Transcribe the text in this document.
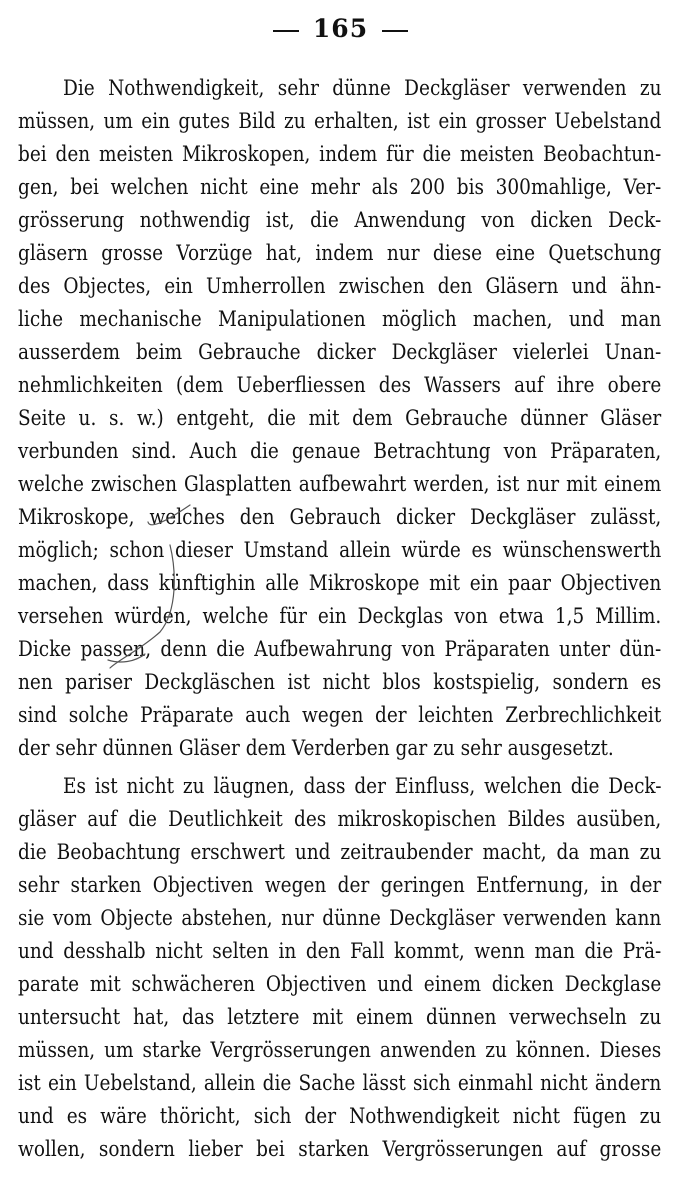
165
Die Nothwendigkeit, sehr dünne Deckgläser verwenden zu
müssen, um ein gutes Bild zu erhalten, ist ein grosser Uebelstand
bei den meisten Mikroskopen, indem für die meisten Beobachtun-
gen, bei welchen nicht eine mehr als 200 bis 300mahlige, Ver-
grösserung nothwendig ist, die Anwendung von dicken Deck-
gläsern grosse Vorzüge hat, indem nur diese eine Quetschung
des Objectes, ein Umherrollen zwischen den Gläsern und ähn-
liche mechanische Manipulationen möglich machen, und man
ausserdem beim Gebrauche dicker Deckgläser vielerlei Unan-
nehmlichkeiten (dem Ueberfliessen des Wassers auf ihre obere
Seite u. s. w.) entgeht, die mit dem Gebrauche dünner Gläser
verbunden sind. Auch die genaue Betrachtung von Präparaten,
welche zwischen Glasplatten aufbewahrt werden, ist nur mit einem
Mikroskope, welches den Gebrauch dicker Deckgläser zulässt,
möglich; schon dieser Umstand allein würde es wünschenswerth
machen, dass künftighin alle Mikroskope mit ein paar Objectiven
versehen würden, welche für ein Deckglas von etwa 1,5 Millim.
Dicke passen, denn die Aufbewahrung von Präparaten unter dün-
nen pariser Deckgläschen ist nicht blos kostspielig, sondern es
sind solche Präparate auch wegen der leichten Zerbrechlichkeit
der sehr dünnen Gläser dem Verderben gar zu sehr ausgesetzt.
Es ist nicht zu läugnen, dass der Einfluss, welchen die Deck-
gläser auf die Deutlichkeit des mikroskopischen Bildes ausüben,
die Beobachtung erschwert und zeitraubender macht, da man zu
sehr starken Objectiven wegen der geringen Entfernung, in der
sie vom Objecte abstehen, nur dünne Deckgläser verwenden kann
und desshalb nicht selten in den Fall kommt, wenn man die Prä-
parate mit schwächeren Objectiven und einem dicken Deckglase
untersucht hat, das letztere mit einem dünnen verwechseln zu
müssen, um starke Vergrösserungen anwenden zu können. Dieses
ist ein Uebelstand, allein die Sache lässt sich einmahl nicht ändern
und es wäre thöricht, sich der Nothwendigkeit nicht fügen zu
wollen, sondern lieber bei starken Vergrösserungen auf grosse
